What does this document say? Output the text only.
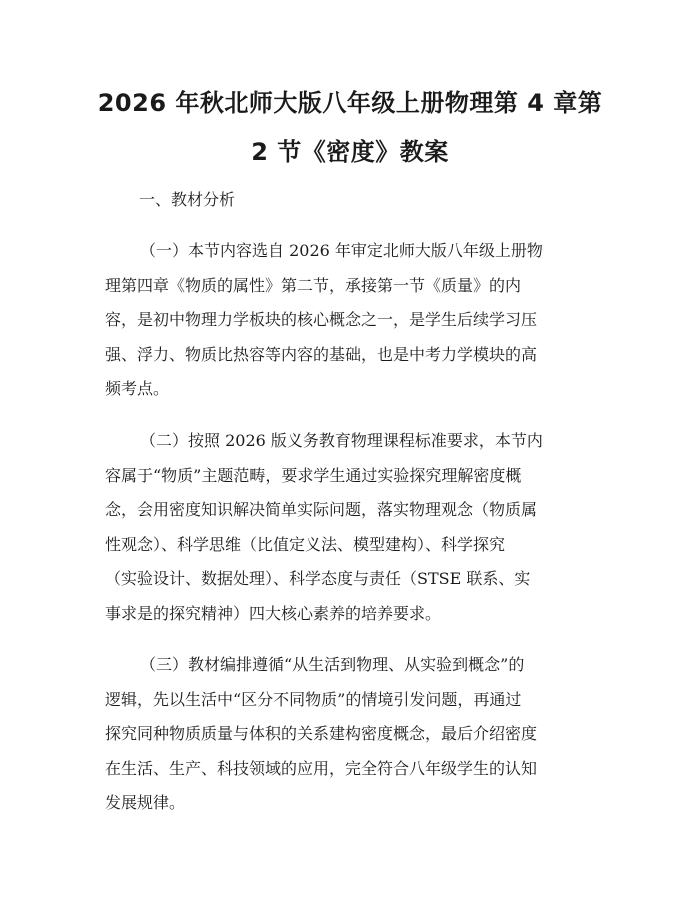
2026 年秋北师大版八年级上册物理第 4 章第
2 节《密度》教案

一、教材分析

（一）本节内容选自 2026 年审定北师大版八年级上册物
理第四章《物质的属性》第二节，承接第一节《质量》的内
容，是初中物理力学板块的核心概念之一，是学生后续学习压
强、浮力、物质比热容等内容的基础，也是中考力学模块的高
频考点。
（二）按照 2026 版义务教育物理课程标准要求，本节内
容属于“物质”主题范畴，要求学生通过实验探究理解密度概
念，会用密度知识解决简单实际问题，落实物理观念（物质属
性观念）、科学思维（比值定义法、模型建构）、科学探究
（实验设计、数据处理）、科学态度与责任（STSE 联系、实
事求是的探究精神）四大核心素养的培养要求。
（三）教材编排遵循“从生活到物理、从实验到概念”的
逻辑，先以生活中“区分不同物质”的情境引发问题，再通过
探究同种物质质量与体积的关系建构密度概念，最后介绍密度
在生活、生产、科技领域的应用，完全符合八年级学生的认知
发展规律。
